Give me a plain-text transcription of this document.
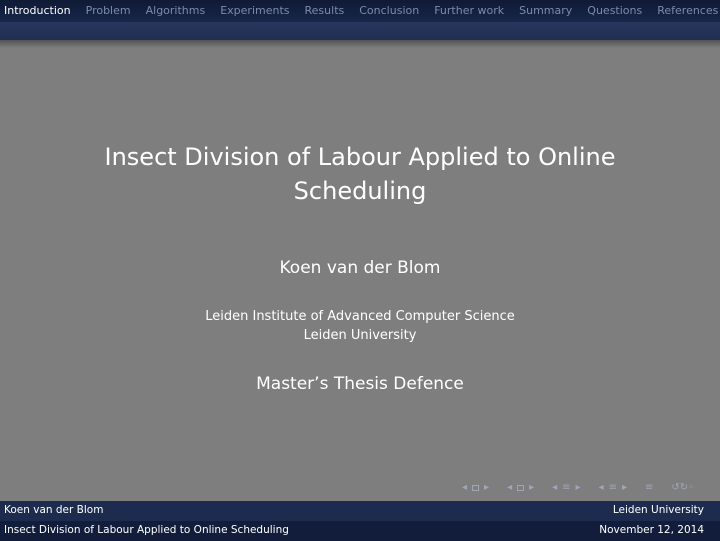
Introduction Problem Algorithms Experiments Results Conclusion Further work Summary Questions References
Insect Division of Labour Applied to Online
Scheduling
Koen van der Blom
Leiden Institute of Advanced Computer Science
Leiden University
Master’s Thesis Defence
◂ ▸ ◂ ▸ ◂ ≡ ▸ ◂ ≡ ▸ ≡ ↺↻◦
Koen van der Blom	Leiden University
Insect Division of Labour Applied to Online Scheduling	November 12, 2014
